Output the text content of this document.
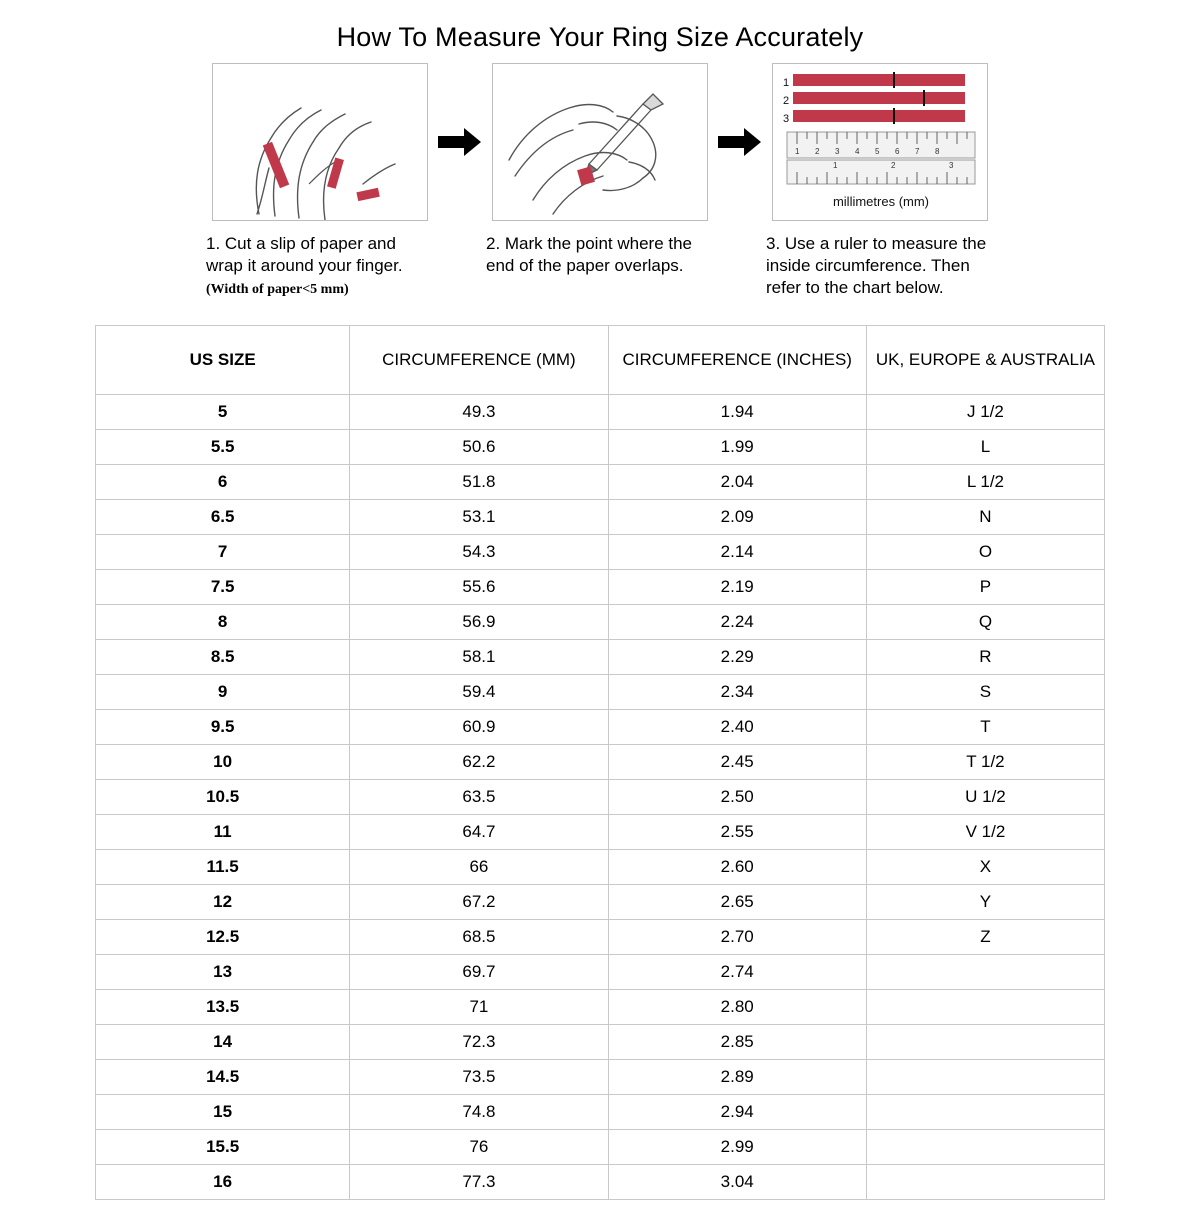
How To Measure Your Ring Size Accurately
1. Cut a slip of paper and wrap it around your finger.
(Width of paper<5 mm)
2. Mark the point where the end of the paper overlaps.
1
2
3
1 2 3 4 5 6 7 8
1	2	3
millimetres (mm)
3. Use a ruler to measure the inside circumference. Then refer to the chart below.
US SIZE	CIRCUMFERENCE (MM)	CIRCUMFERENCE (INCHES)	UK, EUROPE & AUSTRALIA
5	49.3	1.94	J 1/2
5.5	50.6	1.99	L
6	51.8	2.04	L 1/2
6.5	53.1	2.09	N
7	54.3	2.14	O
7.5	55.6	2.19	P
8	56.9	2.24	Q
8.5	58.1	2.29	R
9	59.4	2.34	S
9.5	60.9	2.40	T
10	62.2	2.45	T 1/2
10.5	63.5	2.50	U 1/2
11	64.7	2.55	V 1/2
11.5	66	2.60	X
12	67.2	2.65	Y
12.5	68.5	2.70	Z
13	69.7	2.74	
13.5	71	2.80	
14	72.3	2.85	
14.5	73.5	2.89	
15	74.8	2.94	
15.5	76	2.99	
16	77.3	3.04	
